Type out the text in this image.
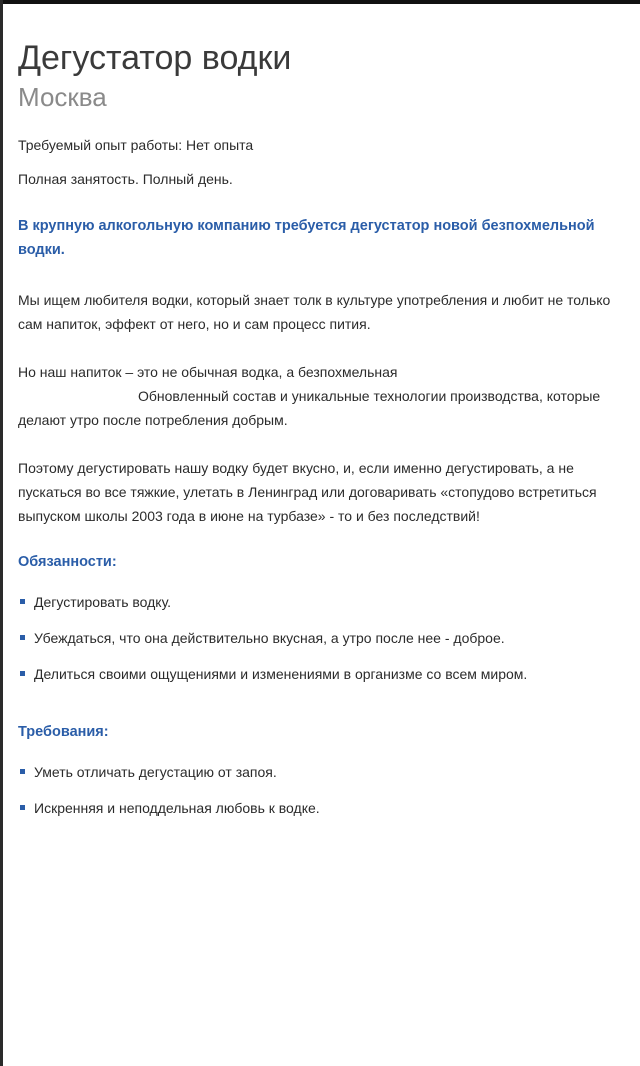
Дегустатор водки
Москва
Требуемый опыт работы: Нет опыта
Полная занятость. Полный день.
В крупную алкогольную компанию требуется дегустатор новой безпохмельной водки.

Мы ищем любителя водки, который знает толк в культуре употребления и любит не только сам напиток, эффект от него, но и сам процесс пития.

Но наш напиток – это не обычная водка, а безпохмельная
Обновленный состав и уникальные технологии производства, которые делают утро после потребления добрым.

Поэтому дегустировать нашу водку будет вкусно, и, если именно дегустировать, а не пускаться во все тяжкие, улетать в Ленинград или договаривать «стопудово встретиться выпуском школы 2003 года в июне на турбазе» - то и без последствий!

Обязанности:
Дегустировать водку.
Убеждаться, что она действительно вкусная, а утро после нее - доброе.
Делиться своими ощущениями и изменениями в организме со всем миром.
Требования:
Уметь отличать дегустацию от запоя.
Искренняя и неподдельная любовь к водке.
